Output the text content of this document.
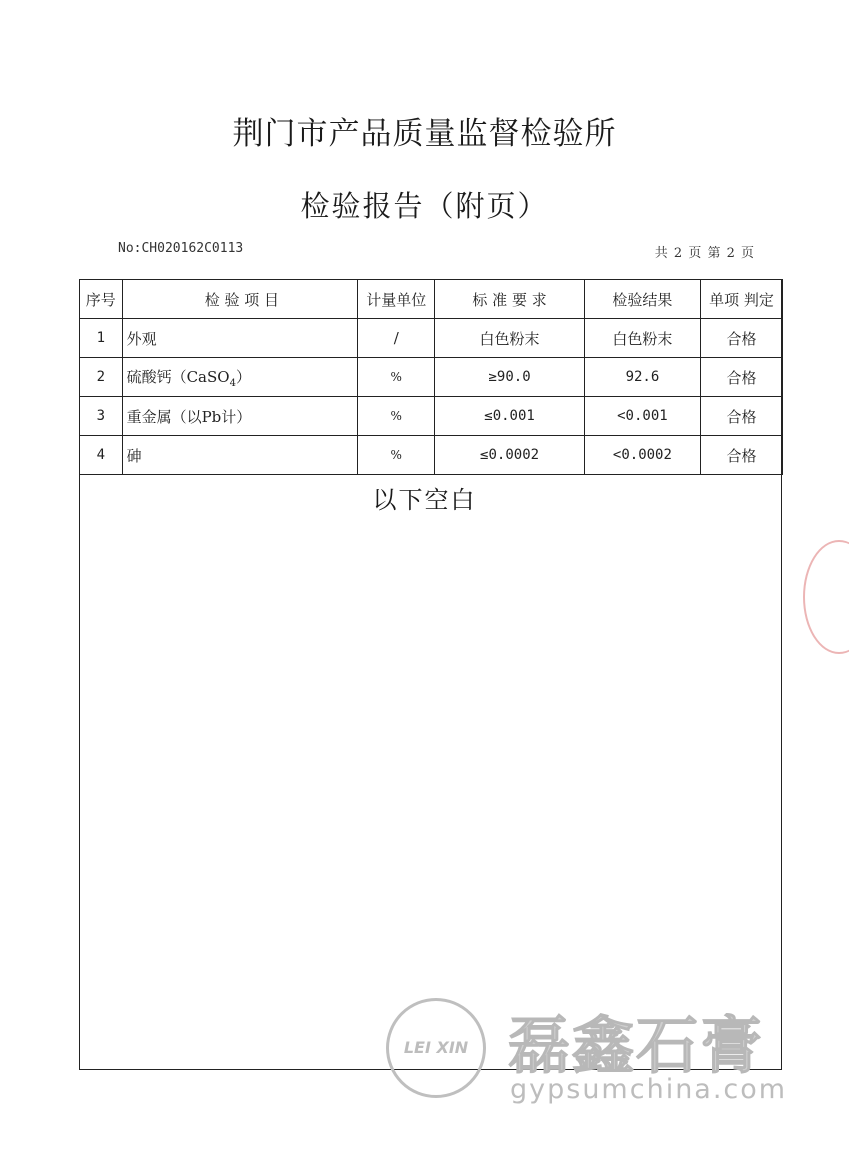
荆门市产品质量监督检验所
检验报告（附页）
No:CH020162C0113	共 2 页 第 2 页
序号	检 验 项 目	计量单位	标 准 要 求	检验结果	单项 判定
1	外观	/	白色粉末	白色粉末	合格
2	硫酸钙（CaSO$_4$）	%	≥90.0	92.6	合格
3	重金属（以Pb计）	%	≤0.001	<0.001	合格
4	砷	%	≤0.0002	<0.0002	合格
以下空白
LEI XIN 磊鑫石膏
gypsumchina.com
